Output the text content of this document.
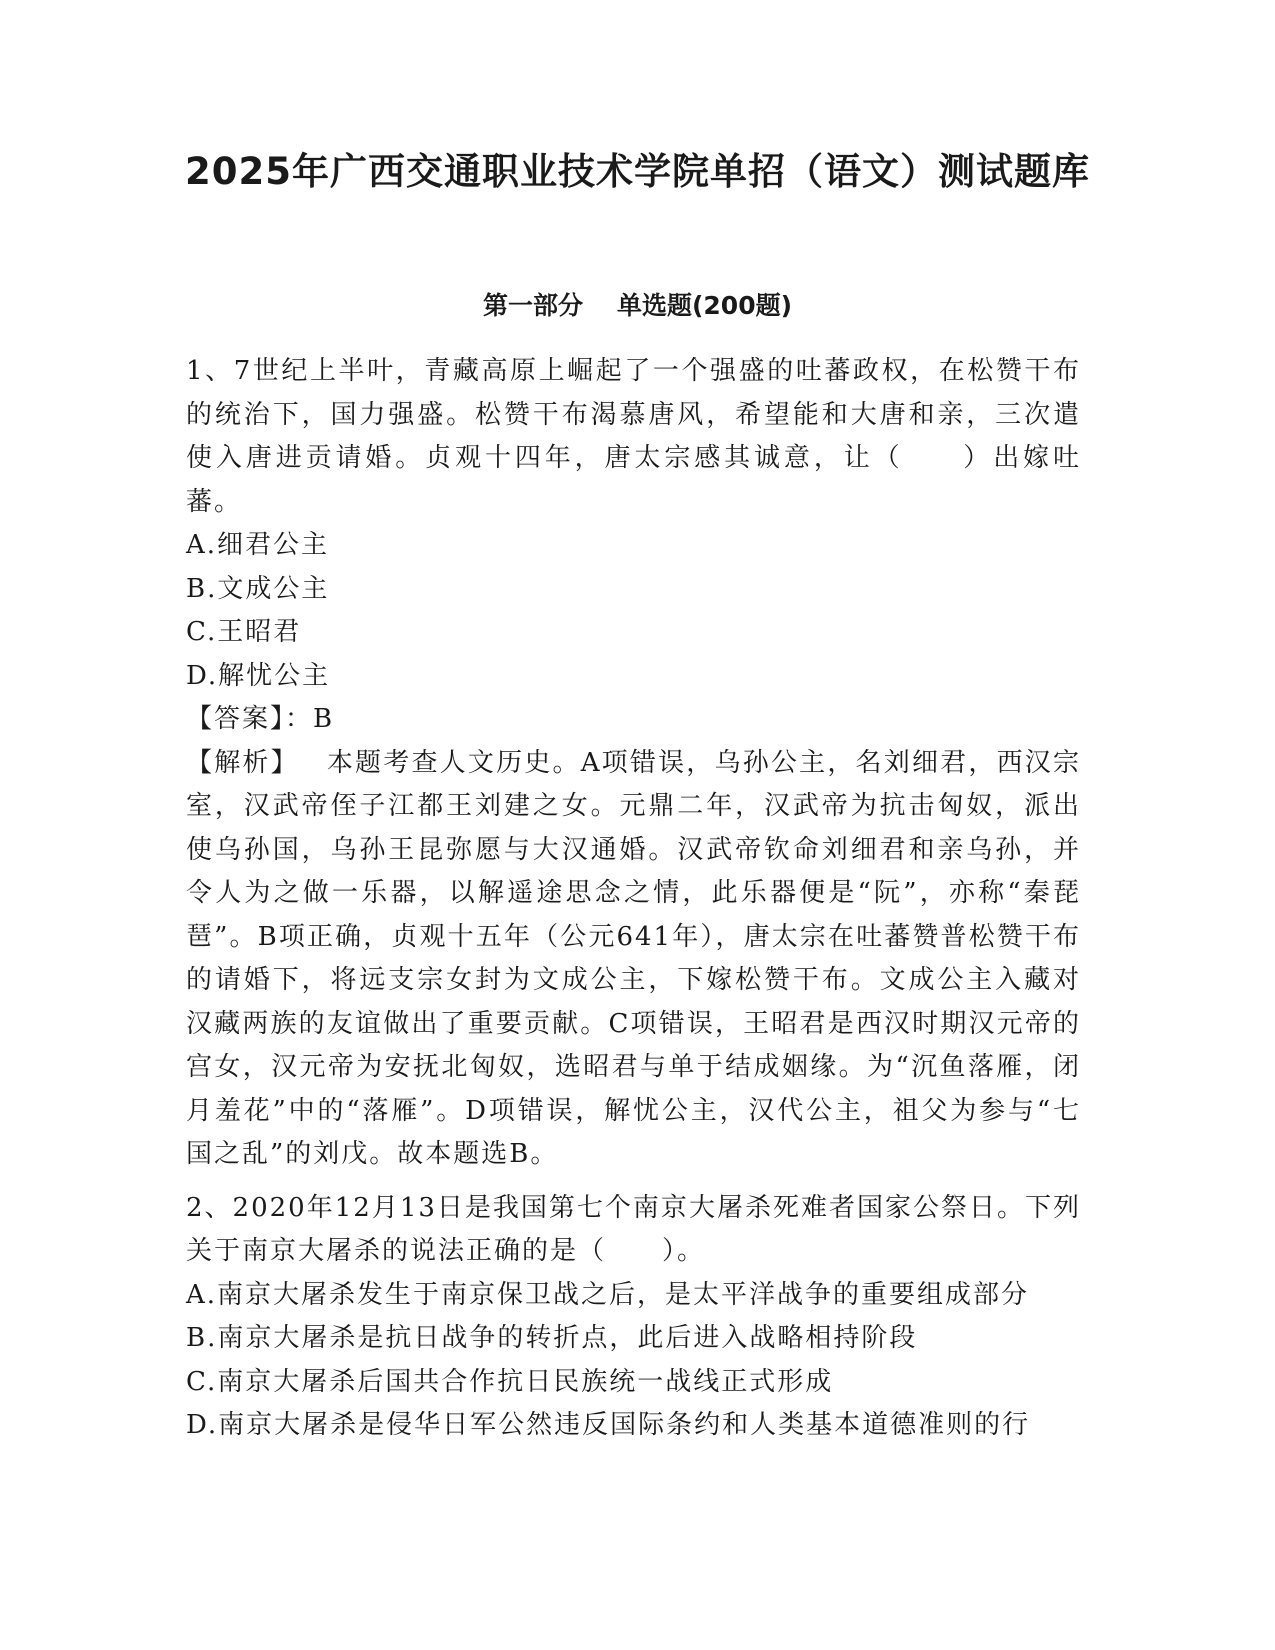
2025年广西交通职业技术学院单招（语文）测试题库
第一部分 单选题(200题)

1、7世纪上半叶，青藏高原上崛起了一个强盛的吐蕃政权，在松赞干布的统治下，国力强盛。松赞干布渴慕唐风，希望能和大唐和亲，三次遣使入唐进贡请婚。贞观十四年，唐太宗感其诚意，让（　　）出嫁吐蕃。

A.细君公主

B.文成公主

C.王昭君

D.解忧公主

【答案】：B

【解析】 本题考查人文历史。A项错误，乌孙公主，名刘细君，西汉宗室，汉武帝侄子江都王刘建之女。元鼎二年，汉武帝为抗击匈奴，派出使乌孙国，乌孙王昆弥愿与大汉通婚。汉武帝钦命刘细君和亲乌孙，并令人为之做一乐器，以解遥途思念之情，此乐器便是“阮”，亦称“秦琵琶”。B项正确，贞观十五年（公元641年），唐太宗在吐蕃赞普松赞干布的请婚下，将远支宗女封为文成公主，下嫁松赞干布。文成公主入藏对汉藏两族的友谊做出了重要贡献。C项错误，王昭君是西汉时期汉元帝的宫女，汉元帝为安抚北匈奴，选昭君与单于结成姻缘。为“沉鱼落雁，闭月羞花”中的“落雁”。D项错误，解忧公主，汉代公主，祖父为参与“七国之乱”的刘戊。故本题选B。

2、2020年12月13日是我国第七个南京大屠杀死难者国家公祭日。下列关于南京大屠杀的说法正确的是（　　）。

A.南京大屠杀发生于南京保卫战之后，是太平洋战争的重要组成部分

B.南京大屠杀是抗日战争的转折点，此后进入战略相持阶段

C.南京大屠杀后国共合作抗日民族统一战线正式形成

D.南京大屠杀是侵华日军公然违反国际条约和人类基本道德准则的行
